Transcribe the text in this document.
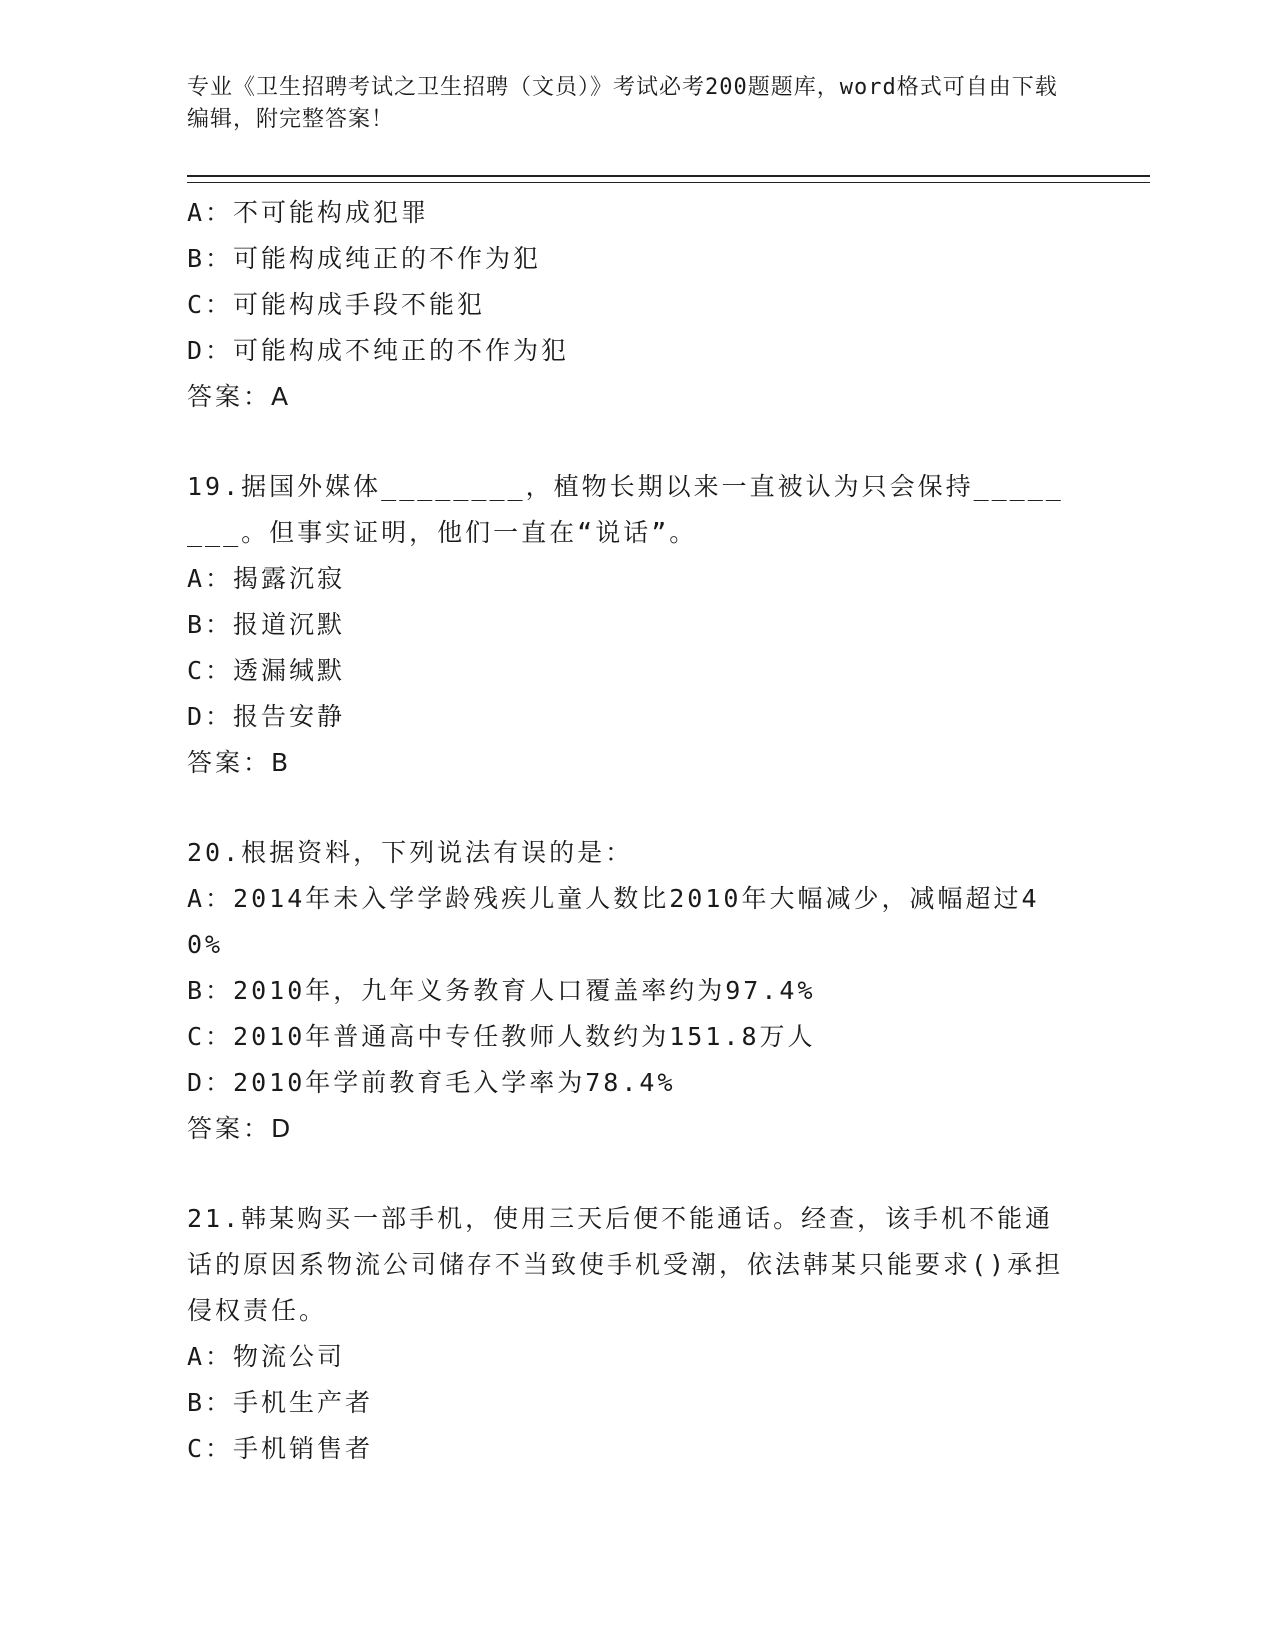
专业《卫生招聘考试之卫生招聘（文员）》考试必考200题题库，word格式可自由下载编辑，附完整答案！
A：不可能构成犯罪
B：可能构成纯正的不作为犯
C：可能构成手段不能犯
D：可能构成不纯正的不作为犯
答案：A
19.据国外媒体________，植物长期以来一直被认为只会保持________。但事实证明，他们一直在“说话”。
A：揭露沉寂
B：报道沉默
C：透漏缄默
D：报告安静
答案：B
20.根据资料，下列说法有误的是：
A：2014年未入学学龄残疾儿童人数比2010年大幅减少，减幅超过40%
B：2010年，九年义务教育人口覆盖率约为97.4%
C：2010年普通高中专任教师人数约为151.8万人
D：2010年学前教育毛入学率为78.4%
答案：D
21.韩某购买一部手机，使用三天后便不能通话。经查，该手机不能通话的原因系物流公司储存不当致使手机受潮，依法韩某只能要求()承担侵权责任。
A：物流公司
B：手机生产者
C：手机销售者
